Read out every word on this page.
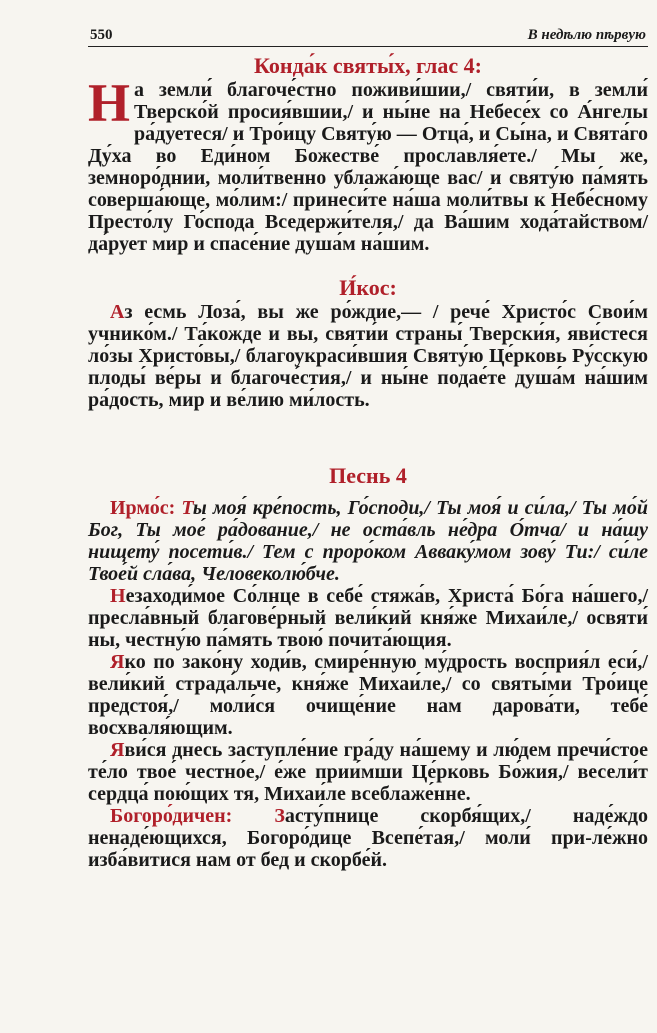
550	В недѣлю пѣрвую
Конда́к святы́х, глас 4:

На земли́ благоче́стно поживи́шии,/ святи́и, в земли́ Тверско́й просия́вшии,/ и ны́не на Небесе́х со А́нгелы ра́дуетеся/ и Тро́ицу Святу́ю — Отца́, и Сы́на, и Свята́го Ду́ха во Еди́ном Божестве́ прославля́ете./ Мы же, земноро́днии, моли́твенно ублажа́юще вас/ и святу́ю па́мять соверша́юще, мо́лим:/ принеси́те на́ша моли́твы к Небе́сному Престо́лу Го́спода Вседержи́теля,/ да Ва́шим хода́тайством/ да́рует мир и спасе́ние душа́м на́шим.

И́кос:

Аз есмь Лоза́, вы же ро́ждие,— / рече́ Христо́с Свои́м учнико́м./ Та́кожде и вы, святи́и страны́ Тверски́я, яви́стеся ло́зы Христо́вы,/ благоукраси́вшия Святу́ю Це́рковь Ру́сскую плоды́ ве́ры и благоче́стия,/ и ны́не подае́те душа́м на́шим ра́дость, мир и ве́лию ми́лость.

Песнь 4

Ирмо́с: Ты моя́ кре́пость, Го́споди,/ Ты моя́ и си́ла,/ Ты мо́й Бог, Ты мое́ ра́дование,/ не оста́вль не́дра О́тча/ и на́шу нищету́ посети́в./ Тем с проро́ком Авваку́мом зову́ Ти:/ си́ле Твое́й сла́ва, Человеколю́бче.

Незаходи́мое Со́лнце в себе́ стяжа́в, Христа́ Бо́га на́шего,/ пресла́вный благове́рный вели́кий кня́же Михаи́ле,/ освяти́ ны, честну́ю па́мять твою́ почита́ющия.

Яко по зако́ну ходи́в, смире́нную му́дрость восприя́л еси́,/ вели́кий страда́льче, кня́же Михаи́ле,/ со святы́ми Тро́ице предстоя́,/ моли́ся очище́ние нам дарова́ти, тебе́ восхваля́ющим.

Яви́ся днесь заступле́ние гра́ду на́шему и лю́дем пречи́стое те́ло твое́ честно́е,/ е́же прии́мши Це́рковь Бо́жия,/ весели́т сердца́ пою́щих тя, Михаи́ле всеблаже́нне.

Богоро́дичен: Засту́пнице скорбя́щих,/ наде́ждо ненаде́ющихся, Богоро́дице Всепе́тая,/ моли́ при-ле́жно изба́витися нам от бед и скорбе́й.
